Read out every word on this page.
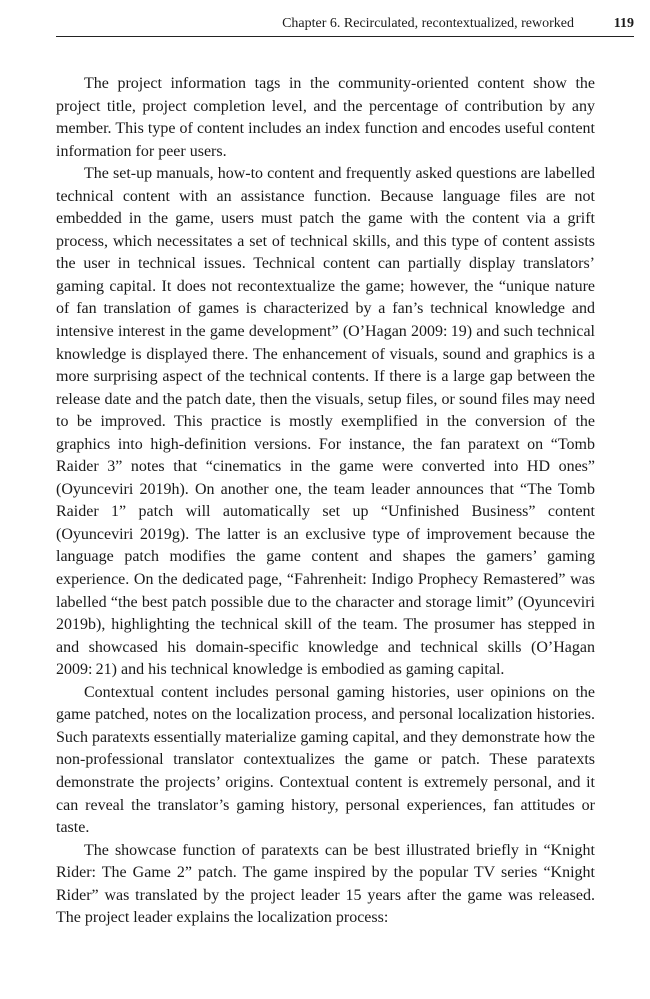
Chapter 6. Recirculated, recontextualized, reworked	119

The project information tags in the community-oriented content show the project title, project completion level, and the percentage of contribution by any member. This type of content includes an index function and encodes useful content information for peer users.

The set-up manuals, how-to content and frequently asked questions are labelled technical content with an assistance function. Because language files are not embedded in the game, users must patch the game with the content via a grift process, which necessitates a set of technical skills, and this type of content assists the user in technical issues. Technical content can partially display translators’ gaming capital. It does not recontextualize the game; however, the “unique nature of fan translation of games is characterized by a fan’s technical knowledge and intensive interest in the game development” (O’Hagan 2009: 19) and such technical knowledge is displayed there. The enhancement of visuals, sound and graphics is a more surprising aspect of the technical contents. If there is a large gap between the release date and the patch date, then the visuals, setup files, or sound files may need to be improved. This practice is mostly exemplified in the conversion of the graphics into high-definition versions. For instance, the fan paratext on “Tomb Raider 3” notes that “cinematics in the game were converted into HD ones” (Oyunceviri 2019h). On another one, the team leader announces that “The Tomb Raider 1” patch will automatically set up “Unfinished Business” content (Oyunceviri 2019g). The latter is an exclusive type of improvement because the language patch modifies the game content and shapes the gamers’ gaming experience. On the dedicated page, “Fahrenheit: Indigo Prophecy Remastered” was labelled “the best patch possible due to the character and storage limit” (Oyunceviri 2019b), highlighting the technical skill of the team. The prosumer has stepped in and showcased his domain-specific knowledge and technical skills (O’Hagan 2009: 21) and his technical knowledge is embodied as gaming capital.

Contextual content includes personal gaming histories, user opinions on the game patched, notes on the localization process, and personal localization histories. Such paratexts essentially materialize gaming capital, and they demonstrate how the non-professional translator contextualizes the game or patch. These paratexts demonstrate the projects’ origins. Contextual content is extremely personal, and it can reveal the translator’s gaming history, personal experiences, fan attitudes or taste.

The showcase function of paratexts can be best illustrated briefly in “Knight Rider: The Game 2” patch. The game inspired by the popular TV series “Knight Rider” was translated by the project leader 15 years after the game was released. The project leader explains the localization process:
